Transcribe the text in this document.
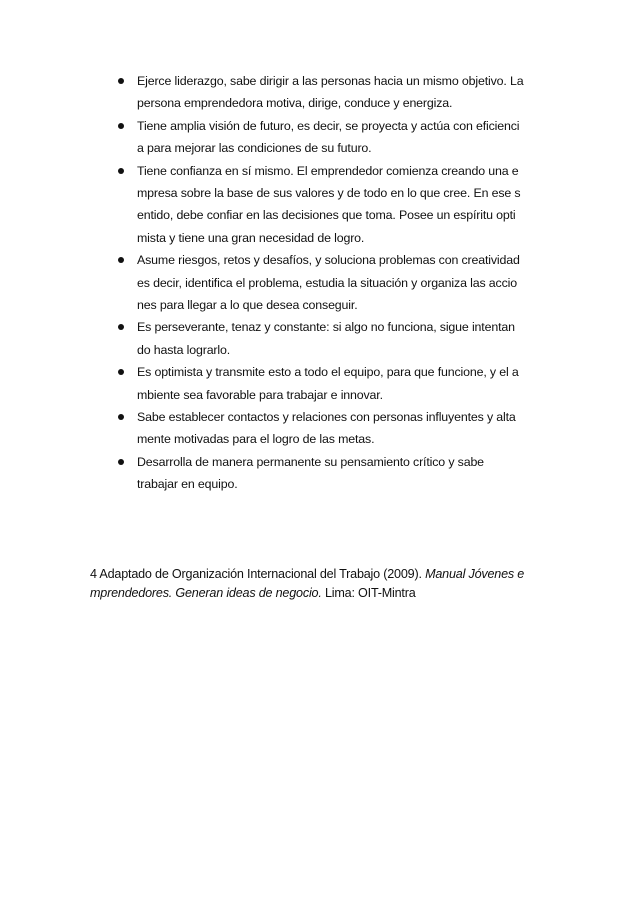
Ejerce liderazgo, sabe dirigir a las personas hacia un mismo objetivo. La
persona emprendedora motiva, dirige, conduce y energiza.
Tiene amplia visión de futuro, es decir, se proyecta y actúa con eficienci
a para mejorar las condiciones de su futuro.
Tiene confianza en sí mismo. El emprendedor comienza creando una e
mpresa sobre la base de sus valores y de todo en lo que cree. En ese s
entido, debe confiar en las decisiones que toma. Posee un espíritu opti
mista y tiene una gran necesidad de logro.
Asume riesgos, retos y desafíos, y soluciona problemas con creatividad
es decir, identifica el problema, estudia la situación y organiza las accio
nes para llegar a lo que desea conseguir.
Es perseverante, tenaz y constante: si algo no funciona, sigue intentan
do hasta lograrlo.
Es optimista y transmite esto a todo el equipo, para que funcione, y el a
mbiente sea favorable para trabajar e innovar.
Sabe establecer contactos y relaciones con personas influyentes y alta
mente motivadas para el logro de las metas.
Desarrolla de manera permanente su pensamiento crítico y sabe
trabajar en equipo.
4 Adaptado de Organización Internacional del Trabajo (2009). Manual Jóvenes e
mprendedores. Generan ideas de negocio. Lima: OIT-Mintra
